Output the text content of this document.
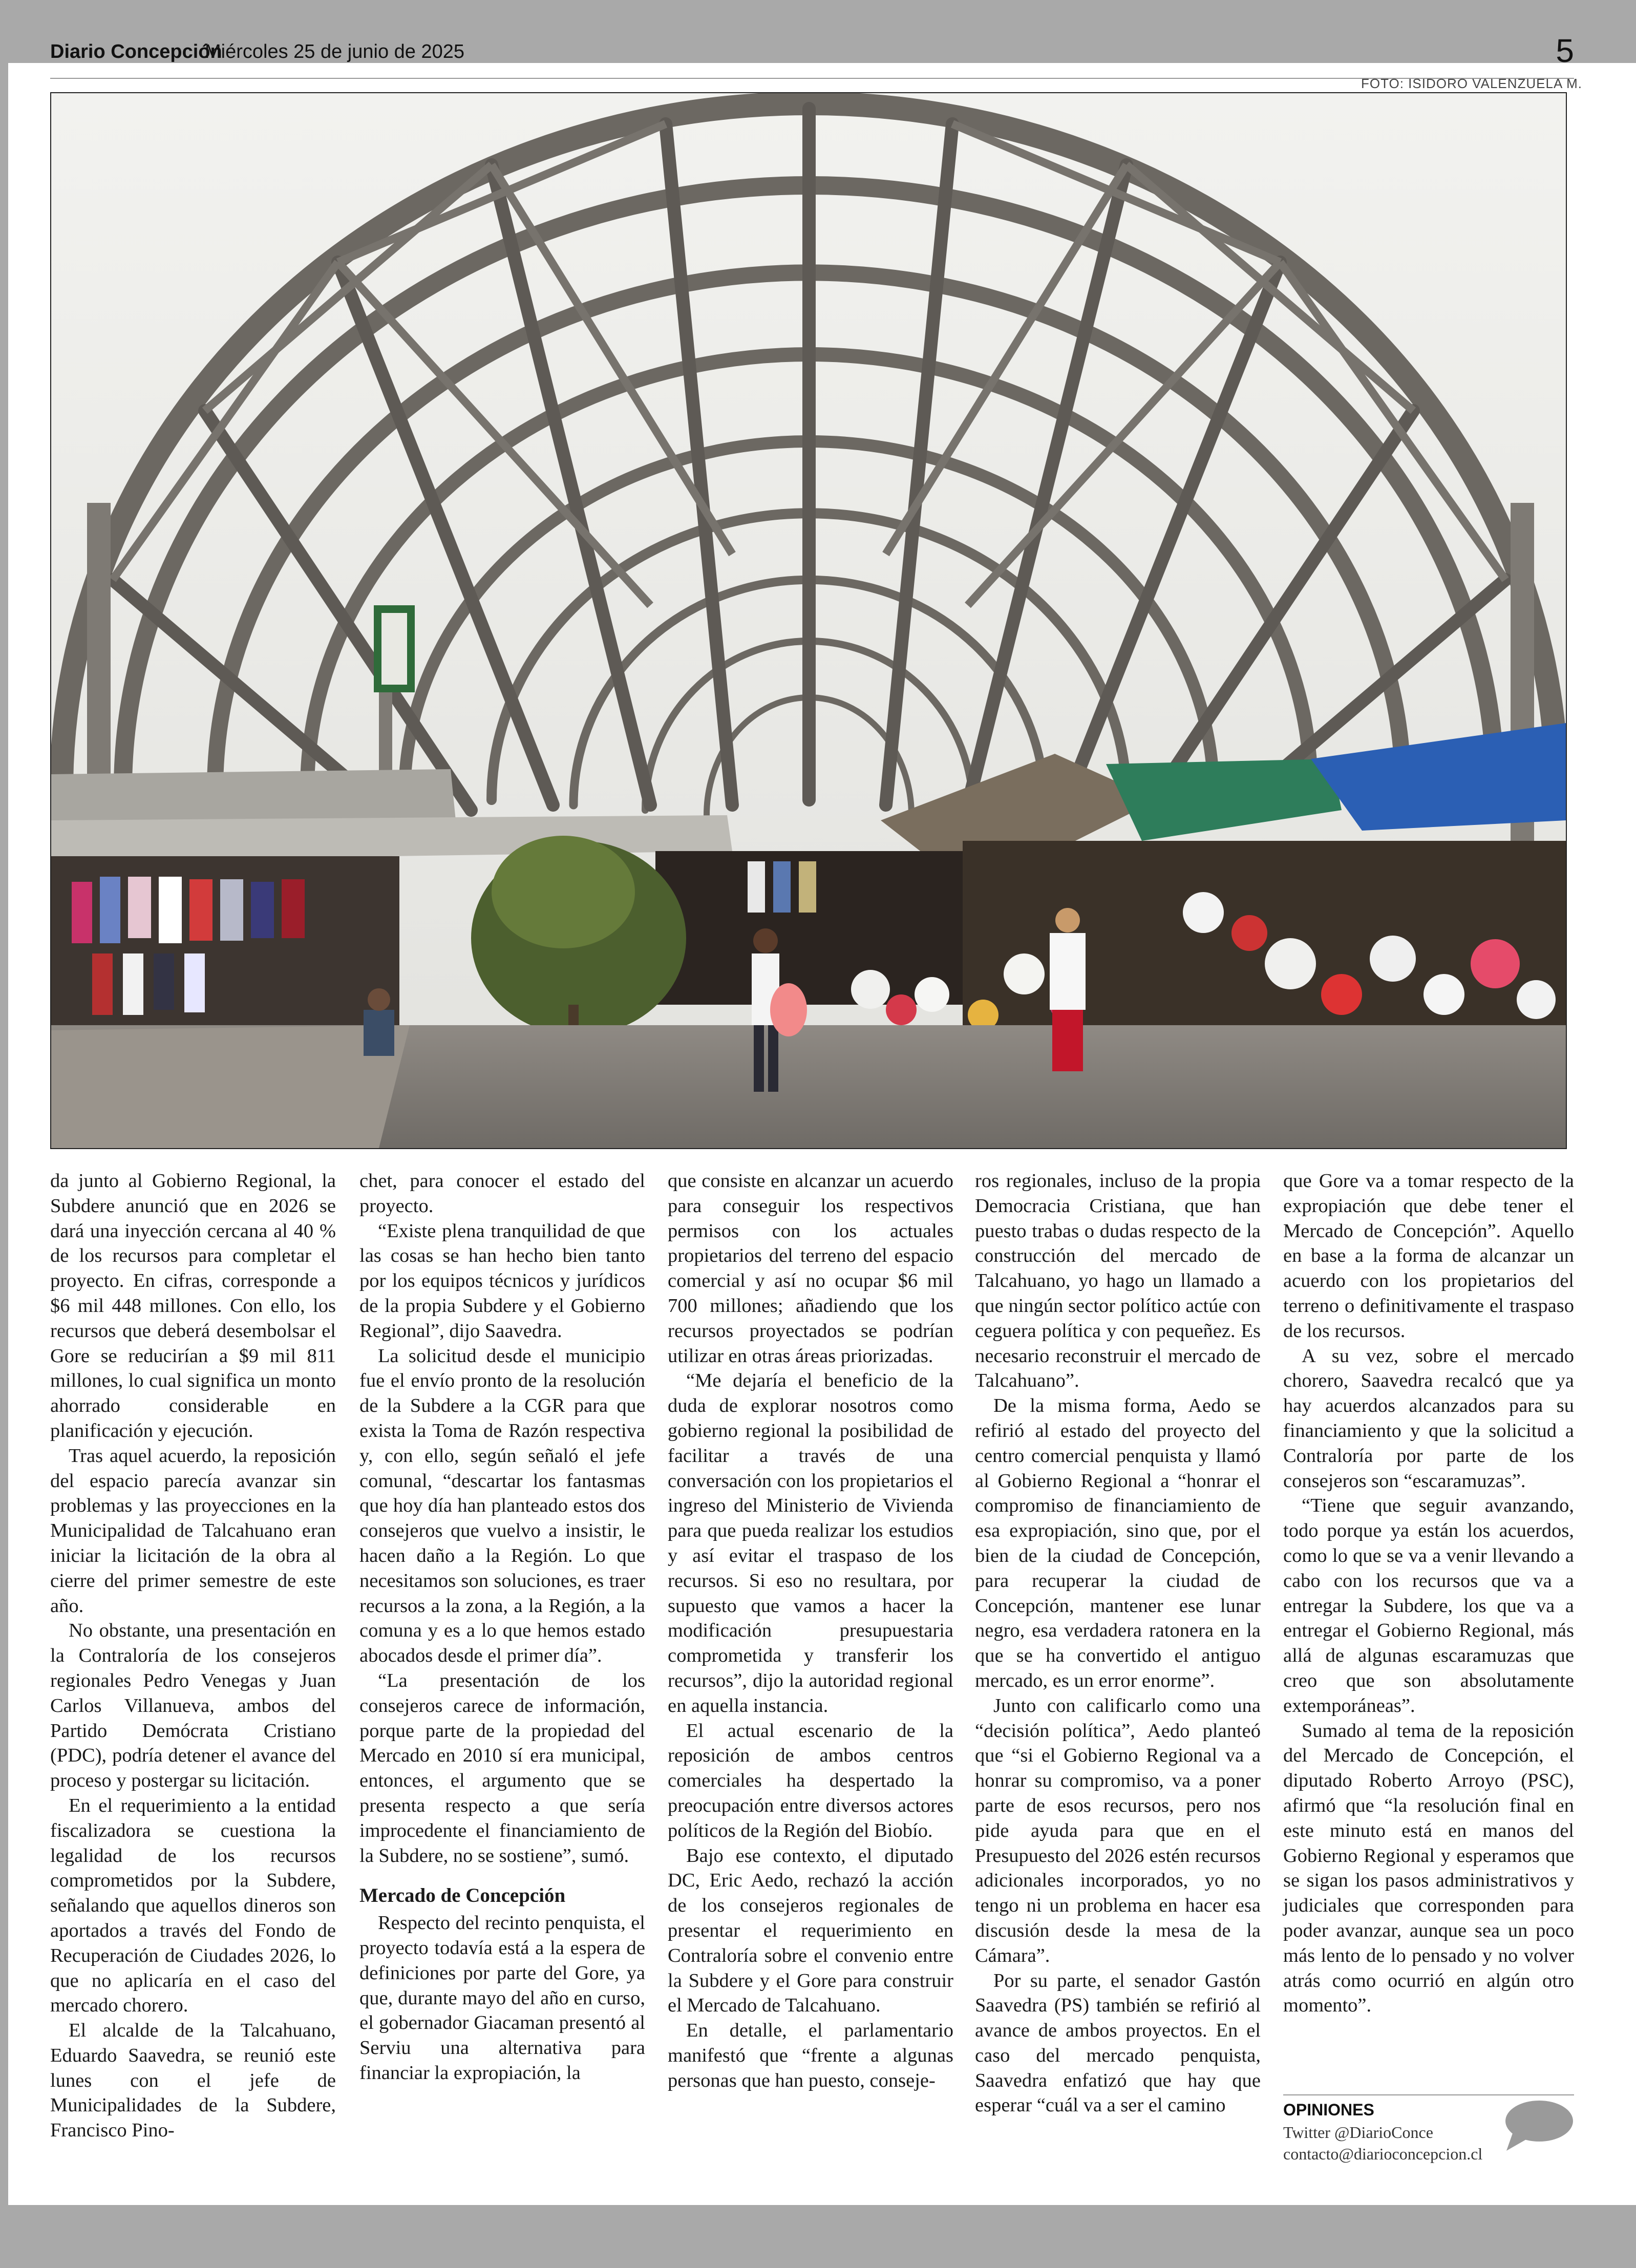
Diario Concepción
Miércoles 25 de junio de 2025	5
FOTO: ISIDORO VALENZUELA M.

da junto al Gobierno Regional, la Subdere anunció que en 2026 se dará una inyección cercana al 40 % de los recursos para completar el proyecto. En cifras, corresponde a $6 mil 448 millones. Con ello, los recursos que deberá desembolsar el Gore se reducirían a $9 mil 811 millones, lo cual significa un monto ahorrado considerable en planificación y ejecución.

Tras aquel acuerdo, la reposición del espacio parecía avanzar sin problemas y las proyecciones en la Municipalidad de Talcahuano eran iniciar la licitación de la obra al cierre del primer semestre de este año.

No obstante, una presentación en la Contraloría de los consejeros regionales Pedro Venegas y Juan Carlos Villanueva, ambos del Partido Demócrata Cristiano (PDC), podría detener el avance del proceso y postergar su licitación.

En el requerimiento a la entidad fiscalizadora se cuestiona la legalidad de los recursos comprometidos por la Subdere, señalando que aquellos dineros son aportados a través del Fondo de Recuperación de Ciudades 2026, lo que no aplicaría en el caso del mercado chorero.

El alcalde de la Talcahuano, Eduardo Saavedra, se reunió este lunes con el jefe de Municipalidades de la Subdere, Francisco Pino-

chet, para conocer el estado del proyecto.

“Existe plena tranquilidad de que las cosas se han hecho bien tanto por los equipos técnicos y jurídicos de la propia Subdere y el Gobierno Regional”, dijo Saavedra.

La solicitud desde el municipio fue el envío pronto de la resolución de la Subdere a la CGR para que exista la Toma de Razón respectiva y, con ello, según señaló el jefe comunal, “descartar los fantasmas que hoy día han planteado estos dos consejeros que vuelvo a insistir, le hacen daño a la Región. Lo que necesitamos son soluciones, es traer recursos a la zona, a la Región, a la comuna y es a lo que hemos estado abocados desde el primer día”.

“La presentación de los consejeros carece de información, porque parte de la propiedad del Mercado en 2010 sí era municipal, entonces, el argumento que se presenta respecto a que sería improcedente el financiamiento de la Subdere, no se sostiene”, sumó.

Mercado de Concepción

Respecto del recinto penquista, el proyecto todavía está a la espera de definiciones por parte del Gore, ya que, durante mayo del año en curso, el gobernador Giacaman presentó al Serviu una alternativa para financiar la expropiación, la

que consiste en alcanzar un acuerdo para conseguir los respectivos permisos con los actuales propietarios del terreno del espacio comercial y así no ocupar $6 mil 700 millones; añadiendo que los recursos proyectados se podrían utilizar en otras áreas priorizadas.

“Me dejaría el beneficio de la duda de explorar nosotros como gobierno regional la posibilidad de facilitar a través de una conversación con los propietarios el ingreso del Ministerio de Vivienda para que pueda realizar los estudios y así evitar el traspaso de los recursos. Si eso no resultara, por supuesto que vamos a hacer la modificación presupuestaria comprometida y transferir los recursos”, dijo la autoridad regional en aquella instancia.

El actual escenario de la reposición de ambos centros comerciales ha despertado la preocupación entre diversos actores políticos de la Región del Biobío.

Bajo ese contexto, el diputado DC, Eric Aedo, rechazó la acción de los consejeros regionales de presentar el requerimiento en Contraloría sobre el convenio entre la Subdere y el Gore para construir el Mercado de Talcahuano.

En detalle, el parlamentario manifestó que “frente a algunas personas que han puesto, conseje-

ros regionales, incluso de la propia Democracia Cristiana, que han puesto trabas o dudas respecto de la construcción del mercado de Talcahuano, yo hago un llamado a que ningún sector político actúe con ceguera política y con pequeñez. Es necesario reconstruir el mercado de Talcahuano”.

De la misma forma, Aedo se refirió al estado del proyecto del centro comercial penquista y llamó al Gobierno Regional a “honrar el compromiso de financiamiento de esa expropiación, sino que, por el bien de la ciudad de Concepción, para recuperar la ciudad de Concepción, mantener ese lunar negro, esa verdadera ratonera en la que se ha convertido el antiguo mercado, es un error enorme”.

Junto con calificarlo como una “decisión política”, Aedo planteó que “si el Gobierno Regional va a honrar su compromiso, va a poner parte de esos recursos, pero nos pide ayuda para que en el Presupuesto del 2026 estén recursos adicionales incorporados, yo no tengo ni un problema en hacer esa discusión desde la mesa de la Cámara”.

Por su parte, el senador Gastón Saavedra (PS) también se refirió al avance de ambos proyectos. En el caso del mercado penquista, Saavedra enfatizó que hay que esperar “cuál va a ser el camino

que Gore va a tomar respecto de la expropiación que debe tener el Mercado de Concepción”. Aquello en base a la forma de alcanzar un acuerdo con los propietarios del terreno o definitivamente el traspaso de los recursos.

A su vez, sobre el mercado chorero, Saavedra recalcó que ya hay acuerdos alcanzados para su financiamiento y que la solicitud a Contraloría por parte de los consejeros son “escaramuzas”.

“Tiene que seguir avanzando, todo porque ya están los acuerdos, como lo que se va a venir llevando a cabo con los recursos que va a entregar la Subdere, los que va a entregar el Gobierno Regional, más allá de algunas escaramuzas que creo que son absolutamente extemporáneas”.

Sumado al tema de la reposición del Mercado de Concepción, el diputado Roberto Arroyo (PSC), afirmó que “la resolución final en este minuto está en manos del Gobierno Regional y esperamos que se sigan los pasos administrativos y judiciales que corresponden para poder avanzar, aunque sea un poco más lento de lo pensado y no volver atrás como ocurrió en algún otro momento”.

OPINIONES
Twitter @DiarioConce
contacto@diarioconcepcion.cl
